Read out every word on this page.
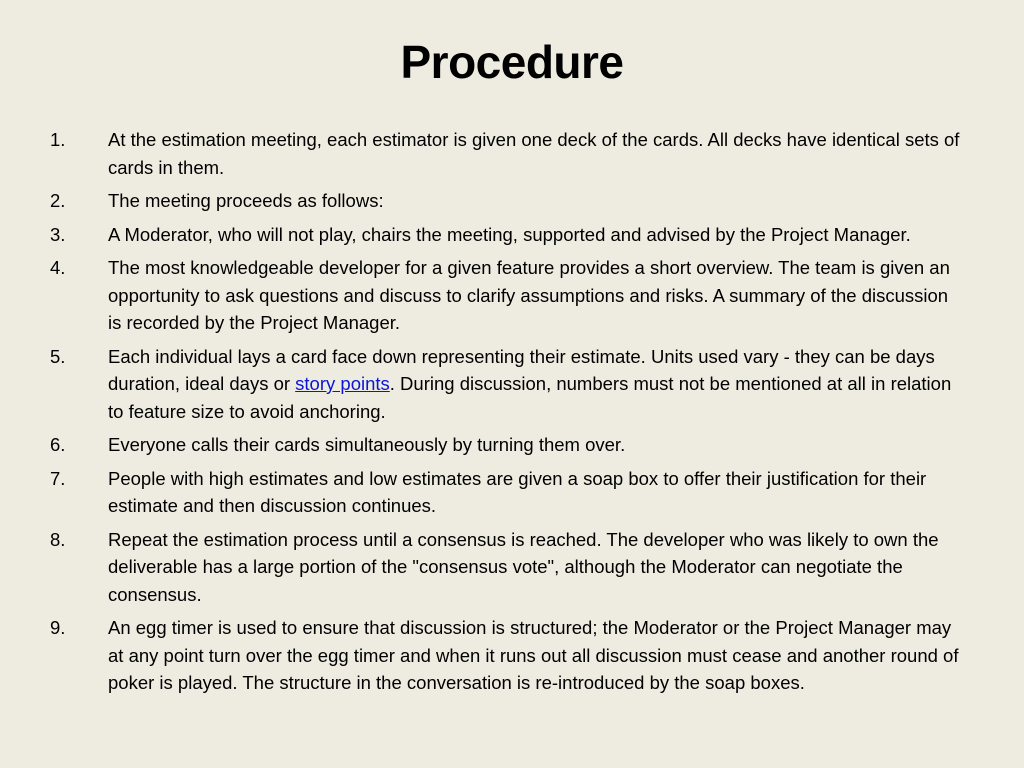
Procedure
1.	At the estimation meeting, each estimator is given one deck of the cards. All decks have identical sets of cards in them.
2.	The meeting proceeds as follows:
3.	A Moderator, who will not play, chairs the meeting, supported and advised by the Project Manager.
4.	The most knowledgeable developer for a given feature provides a short overview. The team is given an opportunity to ask questions and discuss to clarify assumptions and risks. A summary of the discussion is recorded by the Project Manager.
5.	Each individual lays a card face down representing their estimate. Units used vary - they can be days duration, ideal days or story points. During discussion, numbers must not be mentioned at all in relation to feature size to avoid anchoring.
6.	Everyone calls their cards simultaneously by turning them over.
7.	People with high estimates and low estimates are given a soap box to offer their justification for their estimate and then discussion continues.
8.	Repeat the estimation process until a consensus is reached. The developer who was likely to own the deliverable has a large portion of the "consensus vote", although the Moderator can negotiate the consensus.
9.	An egg timer is used to ensure that discussion is structured; the Moderator or the Project Manager may at any point turn over the egg timer and when it runs out all discussion must cease and another round of poker is played. The structure in the conversation is re-introduced by the soap boxes.
